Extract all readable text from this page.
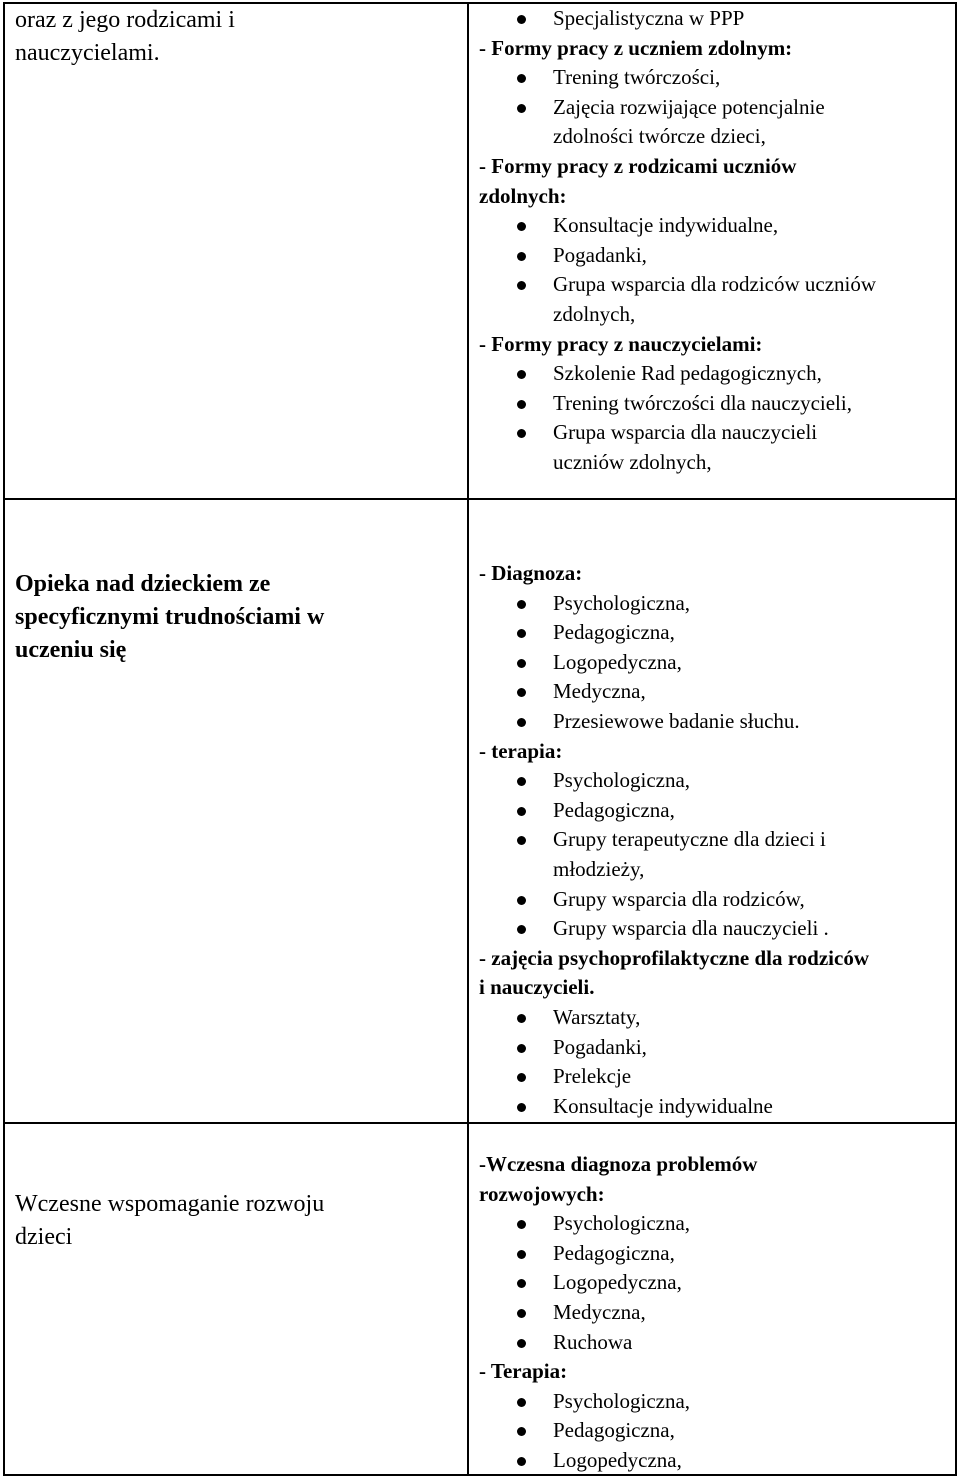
oraz z jego rodzicami i
nauczycielami.
Opieka nad dzieckiem ze
specyficznymi trudnościami w
uczeniu się
Wczesne wspomaganie rozwoju
dzieci
Specjalistyczna w PPP
- Formy pracy z uczniem zdolnym:
Trening twórczości,
Zajęcia rozwijające potencjalnie
zdolności twórcze dzieci,
- Formy pracy z rodzicami uczniów
zdolnych:
Konsultacje indywidualne,
Pogadanki,
Grupa wsparcia dla rodziców uczniów
zdolnych,
- Formy pracy z nauczycielami:
Szkolenie Rad pedagogicznych,
Trening twórczości dla nauczycieli,
Grupa wsparcia dla nauczycieli
uczniów zdolnych,
- Diagnoza:
Psychologiczna,
Pedagogiczna,
Logopedyczna,
Medyczna,
Przesiewowe badanie słuchu.
- terapia:
Psychologiczna,
Pedagogiczna,
Grupy terapeutyczne dla dzieci i
młodzieży,
Grupy wsparcia dla rodziców,
Grupy wsparcia dla nauczycieli .
- zajęcia psychoprofilaktyczne dla rodziców
i nauczycieli.
Warsztaty,
Pogadanki,
Prelekcje
Konsultacje indywidualne
-Wczesna diagnoza problemów
rozwojowych:
Psychologiczna,
Pedagogiczna,
Logopedyczna,
Medyczna,
Ruchowa
- Terapia:
Psychologiczna,
Pedagogiczna,
Logopedyczna,
